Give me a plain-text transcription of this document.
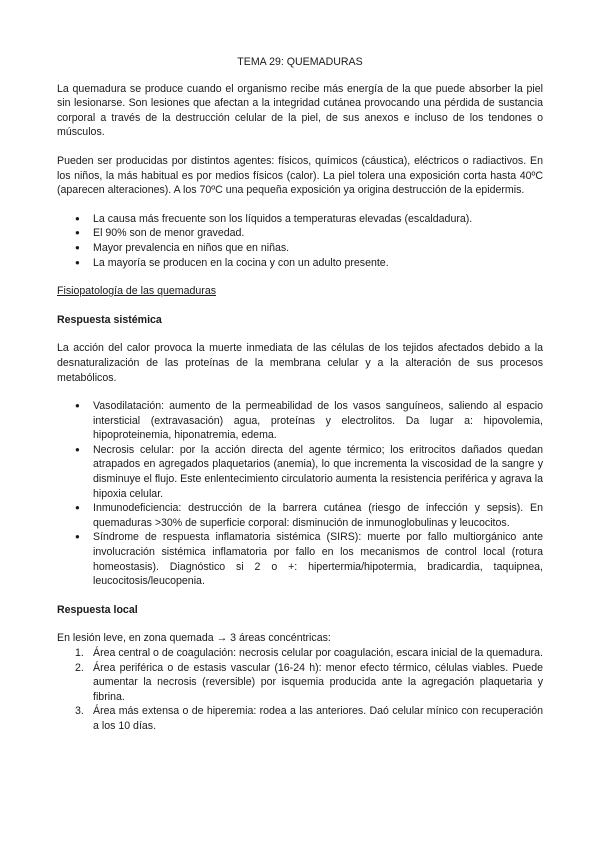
TEMA 29: QUEMADURAS

La quemadura se produce cuando el organismo recibe más energía de la que puede absorber la piel sin lesionarse. Son lesiones que afectan a la integridad cutánea provocando una pérdida de sustancia corporal a través de la destrucción celular de la piel, de sus anexos e incluso de los tendones o músculos.

Pueden ser producidas por distintos agentes: físicos, químicos (cáustica), eléctricos o radiactivos. En los niños, la más habitual es por medios físicos (calor). La piel tolera una exposición corta hasta 40ºC (aparecen alteraciones). A los 70ºC una pequeña exposición ya origina destrucción de la epidermis.

● La causa más frecuente son los líquidos a temperaturas elevadas (escaldadura).
● El 90% son de menor gravedad.
● Mayor prevalencia en niños que en niñas.
● La mayoría se producen en la cocina y con un adulto presente.

Fisiopatología de las quemaduras

Respuesta sistémica

La acción del calor provoca la muerte inmediata de las células de los tejidos afectados debido a la desnaturalización de las proteínas de la membrana celular y a la alteración de sus procesos metabólicos.

● Vasodilatación: aumento de la permeabilidad de los vasos sanguíneos, saliendo al espacio intersticial (extravasación) agua, proteínas y electrolitos. Da lugar a: hipovolemia, hipoproteinemia, hiponatremia, edema.
● Necrosis celular: por la acción directa del agente térmico; los eritrocitos dañados quedan atrapados en agregados plaquetarios (anemia), lo que incrementa la viscosidad de la sangre y disminuye el flujo. Este enlentecimiento circulatorio aumenta la resistencia periférica y agrava la hipoxia celular.
● Inmunodeficiencia: destrucción de la barrera cutánea (riesgo de infección y sepsis). En quemaduras >30% de superficie corporal: disminución de inmunoglobulinas y leucocitos.
● Síndrome de respuesta inflamatoria sistémica (SIRS): muerte por fallo multiorgánico ante involucración sistémica inflamatoria por fallo en los mecanismos de control local (rotura homeostasis). Diagnóstico si 2 o +: hipertermia/hipotermia, bradicardia, taquipnea, leucocitosis/leucopenia.

Respuesta local

En lesión leve, en zona quemada → 3 áreas concéntricas:

1. Área central o de coagulación: necrosis celular por coagulación, escara inicial de la quemadura.
2. Área periférica o de estasis vascular (16-24 h): menor efecto térmico, células viables. Puede aumentar la necrosis (reversible) por isquemia producida ante la agregación plaquetaria y fibrina.
3. Área más extensa o de hiperemia: rodea a las anteriores. Daó celular mínico con recuperación a los 10 días.
